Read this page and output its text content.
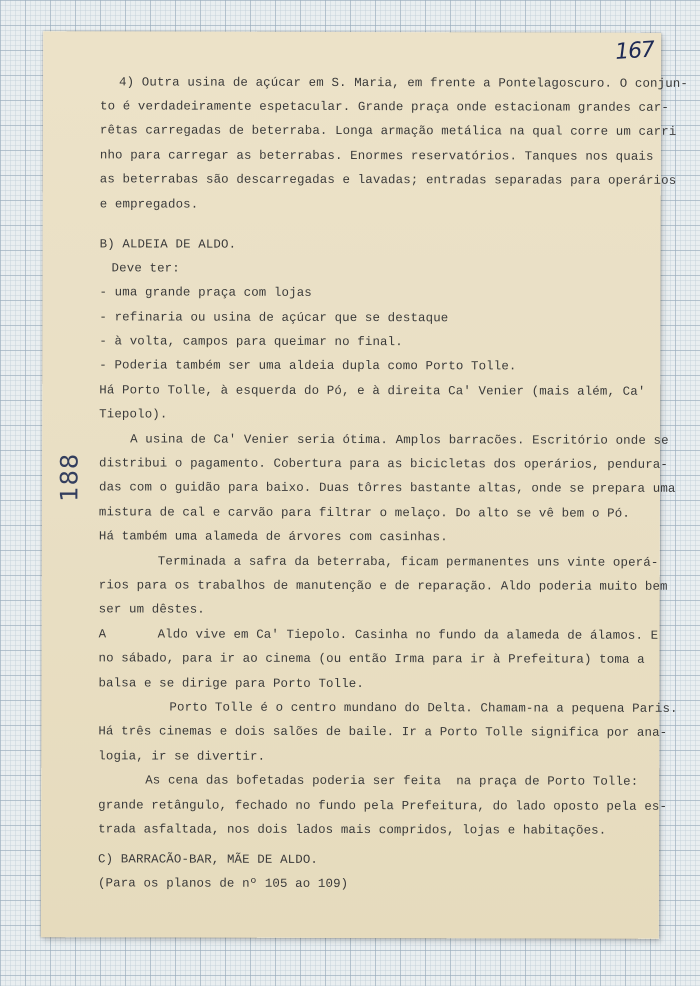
167
188
4) Outra usina de açúcar em S. Maria, em frente a Pontelagoscuro. O conjun-
to é verdadeiramente espetacular. Grande praça onde estacionam grandes car-
rêtas carregadas de beterraba. Longa armação metálica na qual corre um carri
nho para carregar as beterrabas. Enormes reservatórios. Tanques nos quais
as beterrabas são descarregadas e lavadas; entradas separadas para operários
e empregados.
B) ALDEIA DE ALDO.
Deve ter:
- uma grande praça com lojas
- refinaria ou usina de açúcar que se destaque
- à volta, campos para queimar no final.
- Poderia também ser uma aldeia dupla como Porto Tolle.
Há Porto Tolle, à esquerda do Pó, e à direita Ca' Venier (mais além, Ca'
Tiepolo).
A usina de Ca' Venier seria ótima. Amplos barracões. Escritório onde se
distribui o pagamento. Cobertura para as bicicletas dos operários, pendura-
das com o guidão para baixo. Duas tôrres bastante altas, onde se prepara uma
mistura de cal e carvão para filtrar o melaço. Do alto se vê bem o Pó.
Há também uma alameda de árvores com casinhas.
Terminada a safra da beterraba, ficam permanentes uns vinte operá-
rios para os trabalhos de manutenção e de reparação. Aldo poderia muito bem
ser um dêstes.
A	Aldo vive em Ca' Tiepolo. Casinha no fundo da alameda de álamos. E
no sábado, para ir ao cinema (ou então Irma para ir à Prefeitura) toma a
balsa e se dirige para Porto Tolle.
Porto Tolle é o centro mundano do Delta. Chamam-na a pequena Paris.
Há três cinemas e dois salões de baile. Ir a Porto Tolle significa por ana-
logia, ir se divertir.
As cena das bofetadas poderia ser feita  na praça de Porto Tolle:
grande retângulo, fechado no fundo pela Prefeitura, do lado oposto pela es-
trada asfaltada, nos dois lados mais compridos, lojas e habitações.
C) BARRACÃO-BAR, MÃE DE ALDO.
(Para os planos de nº 105 ao 109)
